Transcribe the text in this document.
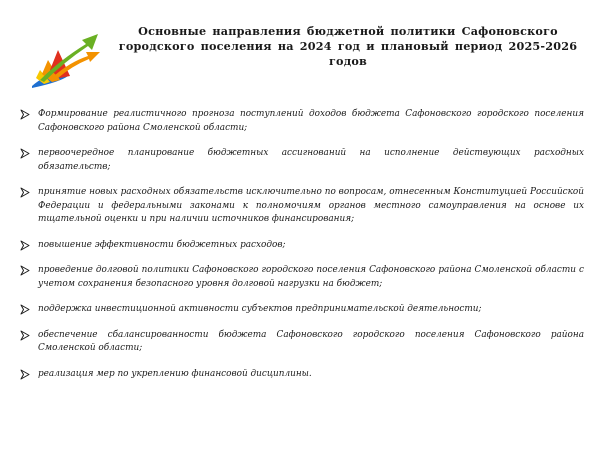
Основные направления бюджетной политики Сафоновского городского поселения на 2024 год и плановый период 2025-2026 годов
Формирование реалистичного прогноза поступлений доходов бюджета Сафоновского городского поселения Сафоновского района Смоленской области;
первоочередное планирование бюджетных ассигнований на исполнение действующих расходных обязательств;
принятие новых расходных обязательств исключительно по вопросам, отнесенным Конституцией Российской Федерации и федеральными законами к полномочиям органов местного самоуправления на основе их тщательной оценки и при наличии источников финансирования;
повышение эффективности бюджетных расходов;
проведение долговой политики Сафоновского городского поселения Сафоновского района Смоленской области с учетом сохранения безопасного уровня долговой нагрузки на бюджет;
поддержка инвестиционной активности субъектов предпринимательской деятельности;
обеспечение сбалансированности бюджета Сафоновского городского поселения Сафоновского района Смоленской области;
реализация мер по укреплению финансовой дисциплины.
